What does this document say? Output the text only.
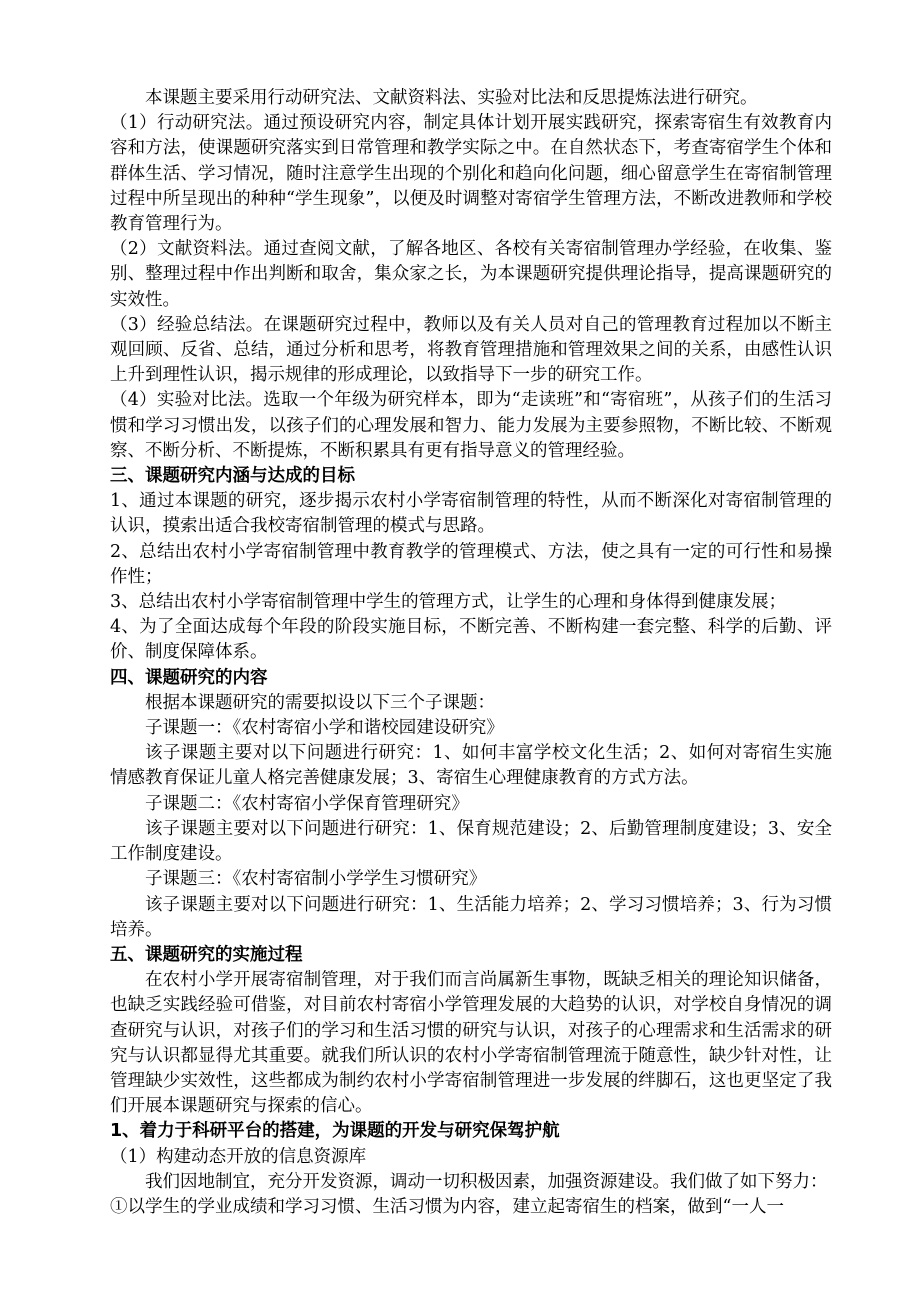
本课题主要采用行动研究法、文献资料法、实验对比法和反思提炼法进行研究。

（1）行动研究法。通过预设研究内容，制定具体计划开展实践研究，探索寄宿生有效教育内容和方法，使课题研究落实到日常管理和教学实际之中。在自然状态下，考查寄宿学生个体和群体生活、学习情况，随时注意学生出现的个别化和趋向化问题，细心留意学生在寄宿制管理过程中所呈现出的种种“学生现象”，以便及时调整对寄宿学生管理方法，不断改进教师和学校教育管理行为。

（2）文献资料法。通过查阅文献，了解各地区、各校有关寄宿制管理办学经验，在收集、鉴别、整理过程中作出判断和取舍，集众家之长，为本课题研究提供理论指导，提高课题研究的实效性。

（3）经验总结法。在课题研究过程中，教师以及有关人员对自己的管理教育过程加以不断主观回顾、反省、总结，通过分析和思考，将教育管理措施和管理效果之间的关系，由感性认识上升到理性认识，揭示规律的形成理论，以致指导下一步的研究工作。

（4）实验对比法。选取一个年级为研究样本，即为“走读班”和“寄宿班”，从孩子们的生活习惯和学习习惯出发，以孩子们的心理发展和智力、能力发展为主要参照物，不断比较、不断观察、不断分析、不断提炼，不断积累具有更有指导意义的管理经验。

三、课题研究内涵与达成的目标

1、通过本课题的研究，逐步揭示农村小学寄宿制管理的特性，从而不断深化对寄宿制管理的认识，摸索出适合我校寄宿制管理的模式与思路。

2、总结出农村小学寄宿制管理中教育教学的管理模式、方法，使之具有一定的可行性和易操作性；

3、总结出农村小学寄宿制管理中学生的管理方式，让学生的心理和身体得到健康发展；

4、为了全面达成每个年段的阶段实施目标，不断完善、不断构建一套完整、科学的后勤、评价、制度保障体系。

四、课题研究的内容

根据本课题研究的需要拟设以下三个子课题：

子课题一：《农村寄宿小学和谐校园建设研究》

该子课题主要对以下问题进行研究：1、如何丰富学校文化生活；2、如何对寄宿生实施情感教育保证儿童人格完善健康发展；3、寄宿生心理健康教育的方式方法。

子课题二：《农村寄宿小学保育管理研究》

该子课题主要对以下问题进行研究：1、保育规范建设；2、后勤管理制度建设；3、安全工作制度建设。

子课题三：《农村寄宿制小学学生习惯研究》

该子课题主要对以下问题进行研究：1、生活能力培养；2、学习习惯培养；3、行为习惯培养。

五、课题研究的实施过程

在农村小学开展寄宿制管理，对于我们而言尚属新生事物，既缺乏相关的理论知识储备，也缺乏实践经验可借鉴，对目前农村寄宿小学管理发展的大趋势的认识，对学校自身情况的调查研究与认识，对孩子们的学习和生活习惯的研究与认识，对孩子的心理需求和生活需求的研究与认识都显得尤其重要。就我们所认识的农村小学寄宿制管理流于随意性，缺少针对性，让管理缺少实效性，这些都成为制约农村小学寄宿制管理进一步发展的绊脚石，这也更坚定了我们开展本课题研究与探索的信心。

1、着力于科研平台的搭建，为课题的开发与研究保驾护航

（1）构建动态开放的信息资源库

我们因地制宜，充分开发资源，调动一切积极因素，加强资源建设。我们做了如下努力：

①以学生的学业成绩和学习习惯、生活习惯为内容，建立起寄宿生的档案，做到“一人一
